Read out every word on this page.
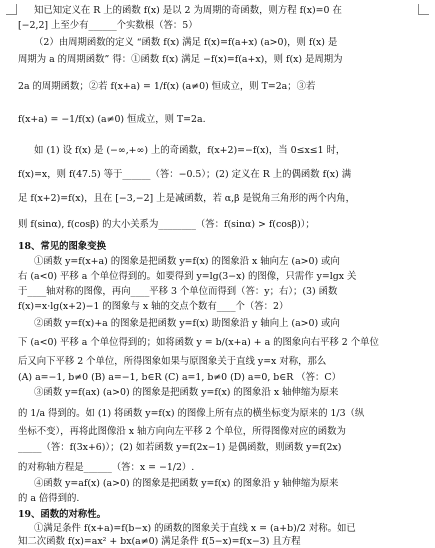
知已知定义在 R 上的函数 f(x) 是以 2 为周期的奇函数，则方程 f(x)=0 在
[−2,2] 上至少有______个实数根（答：5）
（2）由周期函数的定义 “函数 f(x) 满足 f(x)=f(a+x) (a>0)，则 f(x) 是
周期为 a 的周期函数” 得：①函数 f(x) 满足 −f(x)=f(a+x)，则 f(x) 是周期为
2a 的周期函数；②若 f(x+a) = 1/f(x) (a≠0) 恒成立，则 T=2a；③若
f(x+a) = −1/f(x) (a≠0) 恒成立，则 T=2a.
如 (1) 设 f(x) 是 (−∞,+∞) 上的奇函数，f(x+2)=−f(x)，当 0≤x≤1 时，
f(x)=x，则 f(47.5) 等于______（答：−0.5）；(2) 定义在 R 上的偶函数 f(x) 满
足 f(x+2)=f(x)，且在 [−3,−2] 上是减函数，若 α,β 是锐角三角形的两个内角，
则 f(sinα), f(cosβ) 的大小关系为________（答：f(sinα) > f(cosβ)）；
18、常见的图象变换
①函数 y=f(x+a) 的图象是把函数 y=f(x) 的图象沿 x 轴向左 (a>0) 或向
右 (a<0) 平移 a 个单位得到的。如要得到 y=lg(3−x) 的图像，只需作 y=lgx 关
于____轴对称的图像，再向____平移 3 个单位而得到（答：y；右）；(3) 函数
f(x)=x·lg(x+2)−1 的图象与 x 轴的交点个数有____个（答：2）
②函数 y=f(x)+a 的图象是把函数 y=f(x) 助图象沿 y 轴向上 (a>0) 或向
下 (a<0) 平移 a 个单位得到的；如将函数 y = b/(x+a) + a 的图象向右平移 2 个单位
后又向下平移 2 个单位，所得图象如果与原图象关于直线 y=x 对称，那么
(A) a=−1, b≠0 (B) a=−1, b∈R (C) a=1, b≠0 (D) a=0, b∈R （答：C）
③函数 y=f(ax) (a>0) 的图象是把函数 y=f(x) 的图象沿 x 轴伸缩为原来
的 1/a 得到的。如 (1) 将函数 y=f(x) 的图像上所有点的横坐标变为原来的 1/3（纵
坐标不变），再将此图像沿 x 轴方向向左平移 2 个单位，所得图像对应的函数为
_____（答：f(3x+6)）；(2) 如若函数 y=f(2x−1) 是偶函数，则函数 y=f(2x)
的对称轴方程是______（答：x = −1/2）.
④函数 y=af(x) (a>0) 的图象是把函数 y=f(x) 的图象沿 y 轴伸缩为原来
的 a 倍得到的.
19、函数的对称性。
①满足条件 f(x+a)=f(b−x) 的函数的图象关于直线 x = (a+b)/2 对称。如已
知二次函数 f(x)=ax² + bx(a≠0) 满足条件 f(5−x)=f(x−3) 且方程
